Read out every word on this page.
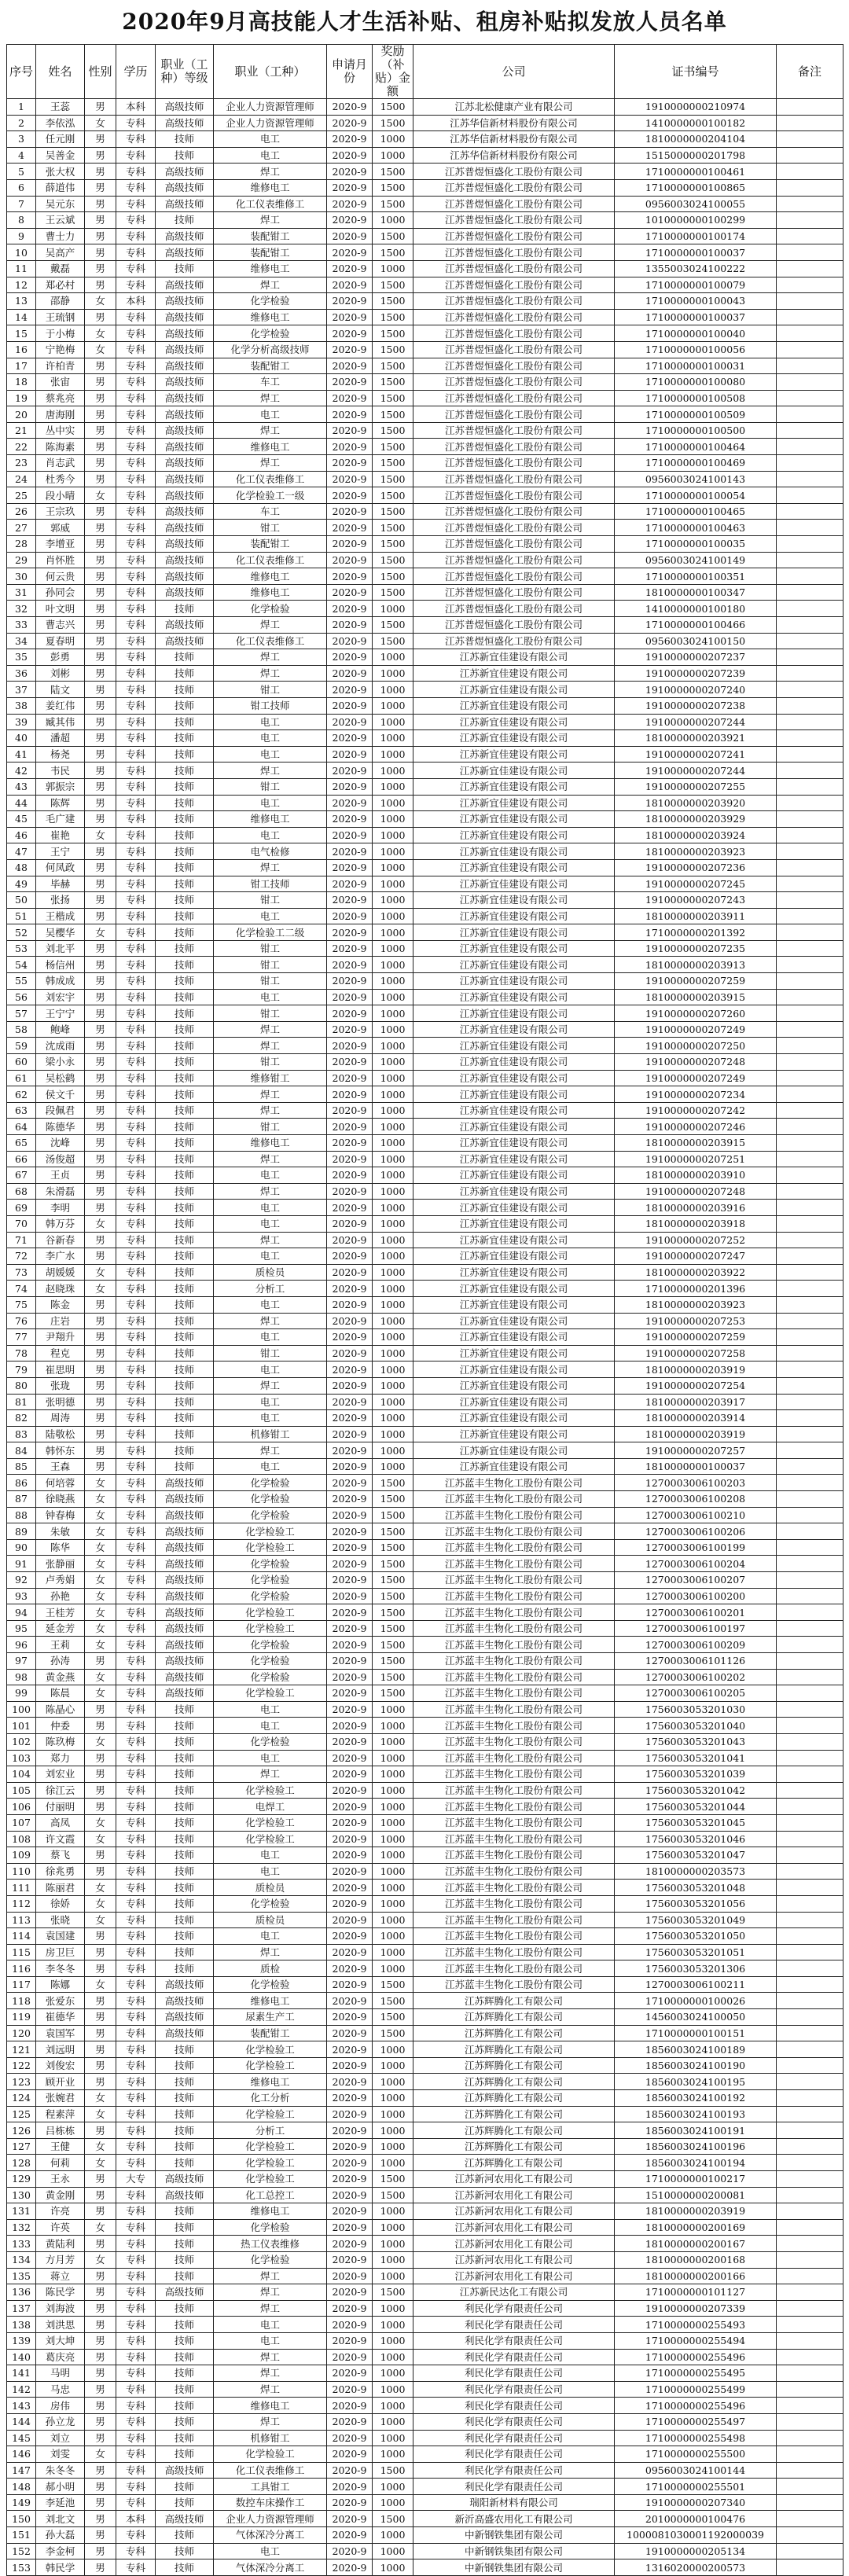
2020年9月高技能人才生活补贴、租房补贴拟发放人员名单
序号	姓名	性别	学历	职业（工种）等级	职业（工种）	申请月份	奖励（补贴）金额	公司	证书编号	备注
1	王蕊	男	本科	高级技师	企业人力资源管理师	2020-9	1500	江苏北松健康产业有限公司	1910000000210974	
2	李依泓	女	专科	高级技师	企业人力资源管理师	2020-9	1500	江苏华信新材料股份有限公司	1410000000100182	
3	任元刚	男	专科	技师	电工	2020-9	1000	江苏华信新材料股份有限公司	1810000000204104	
4	吴善金	男	专科	技师	电工	2020-9	1000	江苏华信新材料股份有限公司	1515000000201798	
5	张大权	男	专科	高级技师	焊工	2020-9	1500	江苏普煜恒盛化工股份有限公司	1710000000100461	
6	薛道伟	男	专科	高级技师	维修电工	2020-9	1500	江苏普煜恒盛化工股份有限公司	1710000000100865	
7	吴元东	男	专科	高级技师	化工仪表维修工	2020-9	1500	江苏普煜恒盛化工股份有限公司	0956003024100055	
8	王云斌	男	专科	技师	焊工	2020-9	1000	江苏普煜恒盛化工股份有限公司	1010000000100299	
9	曹士力	男	专科	高级技师	装配钳工	2020-9	1500	江苏普煜恒盛化工股份有限公司	1710000000100174	
10	吴高产	男	专科	高级技师	装配钳工	2020-9	1500	江苏普煜恒盛化工股份有限公司	1710000000100037	
11	戴磊	男	专科	技师	维修电工	2020-9	1000	江苏普煜恒盛化工股份有限公司	1355003024100222	
12	郑必村	男	专科	高级技师	焊工	2020-9	1500	江苏普煜恒盛化工股份有限公司	1710000000100079	
13	邵静	女	本科	高级技师	化学检验	2020-9	1500	江苏普煜恒盛化工股份有限公司	1710000000100043	
14	王琉钢	男	专科	高级技师	维修电工	2020-9	1500	江苏普煜恒盛化工股份有限公司	1710000000100037	
15	于小梅	女	专科	高级技师	化学检验	2020-9	1500	江苏普煜恒盛化工股份有限公司	1710000000100040	
16	宁艳梅	女	专科	高级技师	化学分析高级技师	2020-9	1500	江苏普煜恒盛化工股份有限公司	1710000000100056	
17	许柏青	男	专科	高级技师	装配钳工	2020-9	1500	江苏普煜恒盛化工股份有限公司	1710000000100031	
18	张宙	男	专科	高级技师	车工	2020-9	1500	江苏普煜恒盛化工股份有限公司	1710000000100080	
19	蔡兆亮	男	专科	高级技师	焊工	2020-9	1500	江苏普煜恒盛化工股份有限公司	1710000000100508	
20	唐海刚	男	专科	高级技师	电工	2020-9	1500	江苏普煜恒盛化工股份有限公司	1710000000100509	
21	丛中实	男	专科	高级技师	焊工	2020-9	1500	江苏普煜恒盛化工股份有限公司	1710000000100500	
22	陈海素	男	专科	高级技师	维修电工	2020-9	1500	江苏普煜恒盛化工股份有限公司	1710000000100464	
23	肖志武	男	专科	高级技师	焊工	2020-9	1500	江苏普煜恒盛化工股份有限公司	1710000000100469	
24	杜秀今	男	专科	高级技师	化工仪表维修工	2020-9	1500	江苏普煜恒盛化工股份有限公司	0956003024100143	
25	段小晴	女	专科	高级技师	化学检验工一级	2020-9	1500	江苏普煜恒盛化工股份有限公司	1710000000100054	
26	王宗玖	男	专科	高级技师	车工	2020-9	1500	江苏普煜恒盛化工股份有限公司	1710000000100465	
27	郭威	男	专科	高级技师	钳工	2020-9	1500	江苏普煜恒盛化工股份有限公司	1710000000100463	
28	李增亚	男	专科	高级技师	装配钳工	2020-9	1500	江苏普煜恒盛化工股份有限公司	1710000000100035	
29	肖怀胜	男	专科	高级技师	化工仪表维修工	2020-9	1500	江苏普煜恒盛化工股份有限公司	0956003024100149	
30	何云贵	男	专科	高级技师	维修电工	2020-9	1500	江苏普煜恒盛化工股份有限公司	1710000000100351	
31	孙同会	男	专科	高级技师	维修电工	2020-9	1500	江苏普煜恒盛化工股份有限公司	1810000000100347	
32	叶文明	男	专科	技师	化学检验	2020-9	1000	江苏普煜恒盛化工股份有限公司	1410000000100180	
33	曹志兴	男	专科	高级技师	焊工	2020-9	1500	江苏普煜恒盛化工股份有限公司	1710000000100466	
34	夏春明	男	专科	高级技师	化工仪表维修工	2020-9	1500	江苏普煜恒盛化工股份有限公司	0956003024100150	
35	彭勇	男	专科	技师	焊工	2020-9	1000	江苏新宜佳建设有限公司	1910000000207237	
36	刘彬	男	专科	技师	焊工	2020-9	1000	江苏新宜佳建设有限公司	1910000000207239	
37	陆文	男	专科	技师	钳工	2020-9	1000	江苏新宜佳建设有限公司	1910000000207240	
38	姜红伟	男	专科	技师	钳工技师	2020-9	1000	江苏新宜佳建设有限公司	1910000000207238	
39	臧其伟	男	专科	技师	电工	2020-9	1000	江苏新宜佳建设有限公司	1910000000207244	
40	潘超	男	专科	技师	电工	2020-9	1000	江苏新宜佳建设有限公司	1810000000203921	
41	杨尧	男	专科	技师	电工	2020-9	1000	江苏新宜佳建设有限公司	1910000000207241	
42	韦民	男	专科	技师	焊工	2020-9	1000	江苏新宜佳建设有限公司	1910000000207244	
43	郭振宗	男	专科	技师	钳工	2020-9	1000	江苏新宜佳建设有限公司	1910000000207255	
44	陈辉	男	专科	技师	电工	2020-9	1000	江苏新宜佳建设有限公司	1810000000203920	
45	毛广建	男	专科	技师	维修电工	2020-9	1000	江苏新宜佳建设有限公司	1810000000203929	
46	崔艳	女	专科	技师	电工	2020-9	1000	江苏新宜佳建设有限公司	1810000000203924	
47	王宁	男	专科	技师	电气检修	2020-9	1000	江苏新宜佳建设有限公司	1810000000203923	
48	何凤政	男	专科	技师	焊工	2020-9	1000	江苏新宜佳建设有限公司	1910000000207236	
49	毕赫	男	专科	技师	钳工技师	2020-9	1000	江苏新宜佳建设有限公司	1910000000207245	
50	张扬	男	专科	技师	钳工	2020-9	1000	江苏新宜佳建设有限公司	1910000000207243	
51	王楷成	男	专科	技师	电工	2020-9	1000	江苏新宜佳建设有限公司	1810000000203911	
52	吴樱华	女	专科	技师	化学检验工二级	2020-9	1000	江苏新宜佳建设有限公司	1710000000201392	
53	刘北平	男	专科	技师	钳工	2020-9	1000	江苏新宜佳建设有限公司	1910000000207235	
54	杨信州	男	专科	技师	钳工	2020-9	1000	江苏新宜佳建设有限公司	1810000000203913	
55	韩成成	男	专科	技师	钳工	2020-9	1000	江苏新宜佳建设有限公司	1910000000207259	
56	刘宏宇	男	专科	技师	电工	2020-9	1000	江苏新宜佳建设有限公司	1810000000203915	
57	王宁宁	男	专科	技师	钳工	2020-9	1000	江苏新宜佳建设有限公司	1910000000207260	
58	鲍峰	男	专科	技师	焊工	2020-9	1000	江苏新宜佳建设有限公司	1910000000207249	
59	沈成雨	男	专科	技师	焊工	2020-9	1000	江苏新宜佳建设有限公司	1910000000207250	
60	梁小永	男	专科	技师	钳工	2020-9	1000	江苏新宜佳建设有限公司	1910000000207248	
61	吴松鹤	男	专科	技师	维修钳工	2020-9	1000	江苏新宜佳建设有限公司	1910000000207249	
62	侯文千	男	专科	技师	焊工	2020-9	1000	江苏新宜佳建设有限公司	1910000000207234	
63	段佩君	男	专科	技师	焊工	2020-9	1000	江苏新宜佳建设有限公司	1910000000207242	
64	陈德华	男	专科	技师	钳工	2020-9	1000	江苏新宜佳建设有限公司	1910000000207246	
65	沈峰	男	专科	技师	维修电工	2020-9	1000	江苏新宜佳建设有限公司	1810000000203915	
66	汤俊超	男	专科	技师	焊工	2020-9	1000	江苏新宜佳建设有限公司	1910000000207251	
67	王贞	男	专科	技师	电工	2020-9	1000	江苏新宜佳建设有限公司	1810000000203910	
68	朱滑磊	男	专科	技师	焊工	2020-9	1000	江苏新宜佳建设有限公司	1910000000207248	
69	李明	男	专科	技师	电工	2020-9	1000	江苏新宜佳建设有限公司	1810000000203916	
70	韩万芬	女	专科	技师	电工	2020-9	1000	江苏新宜佳建设有限公司	1810000000203918	
71	谷新春	男	专科	技师	焊工	2020-9	1000	江苏新宜佳建设有限公司	1910000000207252	
72	李广水	男	专科	技师	电工	2020-9	1000	江苏新宜佳建设有限公司	1910000000207247	
73	胡媛媛	女	专科	技师	质检员	2020-9	1000	江苏新宜佳建设有限公司	1810000000203922	
74	赵晓珠	女	专科	技师	分析工	2020-9	1000	江苏新宜佳建设有限公司	1710000000201396	
75	陈金	男	专科	技师	电工	2020-9	1000	江苏新宜佳建设有限公司	1810000000203923	
76	庄岩	男	专科	技师	焊工	2020-9	1000	江苏新宜佳建设有限公司	1910000000207253	
77	尹翔升	男	专科	技师	电工	2020-9	1000	江苏新宜佳建设有限公司	1910000000207259	
78	程克	男	专科	技师	钳工	2020-9	1000	江苏新宜佳建设有限公司	1910000000207258	
79	崔思明	男	专科	技师	电工	2020-9	1000	江苏新宜佳建设有限公司	1810000000203919	
80	张珑	男	专科	技师	焊工	2020-9	1000	江苏新宜佳建设有限公司	1910000000207254	
81	张明德	男	专科	技师	电工	2020-9	1000	江苏新宜佳建设有限公司	1810000000203917	
82	周涛	男	专科	技师	电工	2020-9	1000	江苏新宜佳建设有限公司	1810000000203914	
83	陆敬松	男	专科	技师	机修钳工	2020-9	1000	江苏新宜佳建设有限公司	1810000000203919	
84	韩怀东	男	专科	技师	焊工	2020-9	1000	江苏新宜佳建设有限公司	1910000000207257	
85	王森	男	专科	技师	电工	2020-9	1000	江苏新宜佳建设有限公司	1810000000100037	
86	何培蓉	女	专科	高级技师	化学检验	2020-9	1500	江苏蓝丰生物化工股份有限公司	1270003006100203	
87	徐晓燕	女	专科	高级技师	化学检验	2020-9	1500	江苏蓝丰生物化工股份有限公司	1270003006100208	
88	钟春梅	女	专科	高级技师	化学检验	2020-9	1500	江苏蓝丰生物化工股份有限公司	1270003006100210	
89	朱敏	女	专科	高级技师	化学检验工	2020-9	1500	江苏蓝丰生物化工股份有限公司	1270003006100206	
90	陈华	女	专科	高级技师	化学检验工	2020-9	1500	江苏蓝丰生物化工股份有限公司	1270003006100199	
91	张静丽	女	专科	高级技师	化学检验	2020-9	1500	江苏蓝丰生物化工股份有限公司	1270003006100204	
92	卢秀娟	女	专科	高级技师	化学检验	2020-9	1500	江苏蓝丰生物化工股份有限公司	1270003006100207	
93	孙艳	女	专科	高级技师	化学检验	2020-9	1500	江苏蓝丰生物化工股份有限公司	1270003006100200	
94	王桂芳	女	专科	高级技师	化学检验工	2020-9	1500	江苏蓝丰生物化工股份有限公司	1270003006100201	
95	延金芳	女	专科	高级技师	化学检验工	2020-9	1500	江苏蓝丰生物化工股份有限公司	1270003006100197	
96	王莉	女	专科	高级技师	化学检验	2020-9	1500	江苏蓝丰生物化工股份有限公司	1270003006100209	
97	孙涛	男	专科	高级技师	化学检验	2020-9	1500	江苏蓝丰生物化工股份有限公司	1270003006101126	
98	黄金燕	女	专科	高级技师	化学检验	2020-9	1500	江苏蓝丰生物化工股份有限公司	1270003006100202	
99	陈晨	女	专科	高级技师	化学检验工	2020-9	1500	江苏蓝丰生物化工股份有限公司	1270003006100205	
100	陈晶心	男	专科	技师	电工	2020-9	1000	江苏蓝丰生物化工股份有限公司	1756003053201030	
101	仲委	男	专科	技师	电工	2020-9	1000	江苏蓝丰生物化工股份有限公司	1756003053201040	
102	陈玖梅	女	专科	技师	化学检验	2020-9	1000	江苏蓝丰生物化工股份有限公司	1756003053201043	
103	郑力	男	专科	技师	电工	2020-9	1000	江苏蓝丰生物化工股份有限公司	1756003053201041	
104	刘宏业	男	专科	技师	焊工	2020-9	1000	江苏蓝丰生物化工股份有限公司	1756003053201039	
105	徐江云	男	专科	技师	化学检验工	2020-9	1000	江苏蓝丰生物化工股份有限公司	1756003053201042	
106	付丽明	男	专科	技师	电焊工	2020-9	1000	江苏蓝丰生物化工股份有限公司	1756003053201044	
107	高凤	女	专科	技师	化学检验工	2020-9	1000	江苏蓝丰生物化工股份有限公司	1756003053201045	
108	许文霞	女	专科	技师	化学检验工	2020-9	1000	江苏蓝丰生物化工股份有限公司	1756003053201046	
109	蔡飞	男	专科	技师	电工	2020-9	1000	江苏蓝丰生物化工股份有限公司	1756003053201047	
110	徐兆勇	男	专科	技师	电工	2020-9	1000	江苏蓝丰生物化工股份有限公司	1810000000203573	
111	陈丽君	女	专科	技师	质检员	2020-9	1000	江苏蓝丰生物化工股份有限公司	1756003053201048	
112	徐娇	女	专科	技师	化学检验	2020-9	1000	江苏蓝丰生物化工股份有限公司	1756003053201056	
113	张晓	女	专科	技师	质检员	2020-9	1000	江苏蓝丰生物化工股份有限公司	1756003053201049	
114	袁国建	男	专科	技师	电工	2020-9	1000	江苏蓝丰生物化工股份有限公司	1756003053201050	
115	房卫巨	男	专科	技师	焊工	2020-9	1000	江苏蓝丰生物化工股份有限公司	1756003053201051	
116	李冬冬	男	专科	技师	质检	2020-9	1000	江苏蓝丰生物化工股份有限公司	1756003053201306	
117	陈娜	女	专科	高级技师	化学检验	2020-9	1500	江苏蓝丰生物化工股份有限公司	1270003006100211	
118	张爱东	男	专科	高级技师	维修电工	2020-9	1500	江苏辉腾化工有限公司	1710000000100026	
119	崔德华	男	专科	高级技师	尿素生产工	2020-9	1500	江苏辉腾化工有限公司	1456003024100050	
120	袁国军	男	专科	高级技师	装配钳工	2020-9	1500	江苏辉腾化工有限公司	1710000000100151	
121	刘远明	男	专科	技师	化学检验工	2020-9	1000	江苏辉腾化工有限公司	1856003024100189	
122	刘俊宏	男	专科	技师	化学检验工	2020-9	1000	江苏辉腾化工有限公司	1856003024100190	
123	顾开业	男	专科	技师	维修电工	2020-9	1000	江苏辉腾化工有限公司	1856003024100195	
124	张婉君	女	专科	技师	化工分析	2020-9	1000	江苏辉腾化工有限公司	1856003024100192	
125	程素萍	女	专科	技师	化学检验工	2020-9	1000	江苏辉腾化工有限公司	1856003024100193	
126	吕栋栋	男	专科	技师	分析工	2020-9	1000	江苏辉腾化工有限公司	1856003024100191	
127	王健	女	专科	技师	化学检验工	2020-9	1000	江苏辉腾化工有限公司	1856003024100196	
128	何莉	女	专科	技师	化学检验工	2020-9	1000	江苏辉腾化工有限公司	1856003024100194	
129	王永	男	大专	高级技师	化学检验工	2020-9	1500	江苏新河农用化工有限公司	1710000000100217	
130	黄金刚	男	专科	高级技师	化工总控工	2020-9	1500	江苏新河农用化工有限公司	1510000000200081	
131	许亮	男	专科	技师	维修电工	2020-9	1000	江苏新河农用化工有限公司	1810000000203919	
132	许英	女	专科	技师	化学检验	2020-9	1000	江苏新河农用化工有限公司	1810000000200169	
133	黄陆利	男	专科	技师	热工仪表维修	2020-9	1000	江苏新河农用化工有限公司	1810000000200167	
134	方月芳	女	专科	技师	化学检验	2020-9	1000	江苏新河农用化工有限公司	1810000000200168	
135	蒋立	男	专科	技师	焊工	2020-9	1000	江苏新河农用化工有限公司	1810000000200166	
136	陈民学	男	专科	高级技师	焊工	2020-9	1500	江苏新民达化工有限公司	1710000000101127	
137	刘海波	男	专科	技师	焊工	2020-9	1000	利民化学有限责任公司	1910000000207339	
138	刘洪思	男	专科	技师	电工	2020-9	1000	利民化学有限责任公司	1710000000255493	
139	刘大坤	男	专科	技师	电工	2020-9	1000	利民化学有限责任公司	1710000000255494	
140	葛庆亮	男	专科	技师	焊工	2020-9	1000	利民化学有限责任公司	1710000000255496	
141	马明	男	专科	技师	焊工	2020-9	1000	利民化学有限责任公司	1710000000255495	
142	马忠	男	专科	技师	焊工	2020-9	1000	利民化学有限责任公司	1710000000255499	
143	房伟	男	专科	技师	维修电工	2020-9	1000	利民化学有限责任公司	1710000000255496	
144	孙立龙	男	专科	技师	焊工	2020-9	1000	利民化学有限责任公司	1710000000255497	
145	刘立	男	专科	技师	机修钳工	2020-9	1000	利民化学有限责任公司	1710000000255498	
146	刘雯	女	专科	技师	化学检验工	2020-9	1000	利民化学有限责任公司	1710000000255500	
147	朱冬冬	男	专科	高级技师	化工仪表维修工	2020-9	1500	利民化学有限责任公司	0956003024100144	
148	郝小明	男	专科	技师	工具钳工	2020-9	1000	利民化学有限责任公司	1710000000255501	
149	李延池	男	专科	技师	数控车床操作工	2020-9	1000	瑞阳新材料有限公司	1910000000207340	
150	刘北文	男	本科	高级技师	企业人力资源管理师	2020-9	1500	新沂高盛农用化工有限公司	2010000000100476	
151	孙大磊	男	专科	技师	气体深冷分离工	2020-9	1000	中新钢铁集团有限公司	1000081030001192000039	
152	李金柯	男	专科	技师	电工	2020-9	1000	中新钢铁集团有限公司	1910000000205134	
153	韩民学	男	专科	技师	气体深冷分离工	2020-9	1000	中新钢铁集团有限公司	1316020000200573	
